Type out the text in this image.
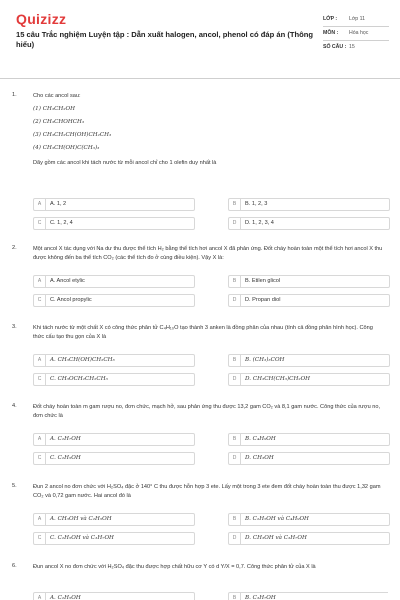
Quizizz
15 câu Trắc nghiệm Luyện tập : Dẫn xuất halogen, ancol, phenol có đáp án (Thông hiểu)
LỚP :	Lớp 11
MÔN :	Hóa học
SỐ CÂU : 15
1.	Cho các ancol sau:
(1) CH₃CH₂OH
(2) CH₃CHOHCH₃
(3) CH₃CH₂CH(OH)CH₂CH₃
(4) CH₃CH(OH)C(CH₃)₃
Dãy gồm các ancol khi tách nước từ mỗi ancol chỉ cho 1 olefin duy nhất là
A	A. 1, 2	B	B. 1, 2, 3
C	C. 1, 2, 4	D	D. 1, 2, 3, 4
2.	Một ancol X tác dụng với Na dư thu được thể tích H₂ bằng thể tích hơi ancol X đã phản ứng. Đốt cháy hoàn toàn một thể tích hơi ancol X thu được không đến ba thể tích CO₂ (các thể tích đo ở cùng điều kiện). Vậy X là:
A	A. Ancol etylic	B	B. Etilen glicol
C	C. Ancol propylic	D	D. Propan diol
3.	Khi tách nước từ một chất X có công thức phân tử C₄H₁₀O tạo thành 3 anken là đồng phân của nhau (tính cả đồng phân hình học). Công thức cấu tạo thu gọn của X là
A	A. CH₃CH(OH)CH₂CH₃	B	B. (CH₃)₃COH
C	C. CH₃OCH₂CH₂CH₃	D	D. CH₃CH(CH₃)CH₂OH
4.	Đốt cháy hoàn toàn m gam rượu no, đơn chức, mạch hở, sau phản ứng thu được 13,2 gam CO₂ và 8,1 gam nước. Công thức của rượu no, đơn chức là
A	A. C₂H₇OH	B	B. C₄H₉OH
C	C. C₂H₅OH	D	D. CH₃OH
5.	Đun 2 ancol no đơn chức với H₂SO₄ đặc ở 140° C thu được hỗn hợp 3 ete. Lấy một trong 3 ete đem đốt cháy hoàn toàn thu được 1,32 gam CO₂ và 0,72 gam nước. Hai ancol đó là
A	A. CH₃OH và C₂H₅OH	B	B. C₂H₅OH và C₄H₉OH
C	C. C₂H₅OH và C₃H₇OH	D	D. CH₃OH và C₃H₇OH
6.	Đun ancol X no đơn chức với H₂SO₄ đặc thu được hợp chất hữu cơ Y có d Y/X = 0,7. Công thức phân tử của X là
A	A. C₂H₅OH	B	B. C₃H₇OH
